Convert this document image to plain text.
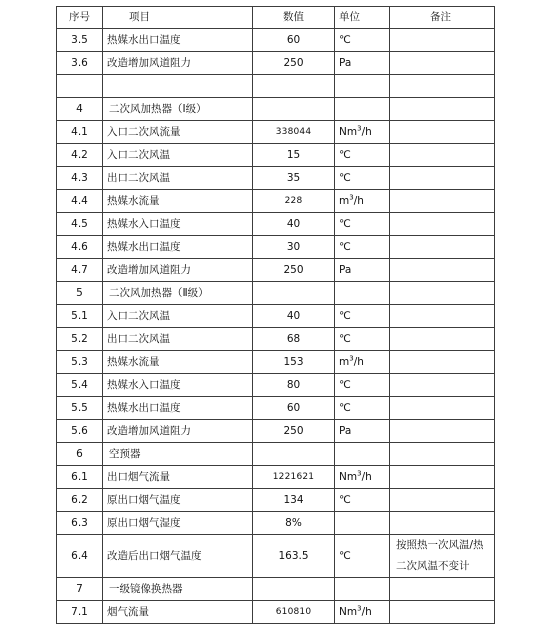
序号	项目	数值	单位	备注
3.5	热媒水出口温度	60	℃	
3.6	改造增加风道阻力	250	Pa	

4	二次风加热器（Ⅰ级）			
4.1	入口二次风流量	338044	Nm$^3$/h	
4.2	入口二次风温	15	℃	
4.3	出口二次风温	35	℃	
4.4	热媒水流量	228	$m^3/h$	
4.5	热媒水入口温度	40	℃	
4.6	热媒水出口温度	30	℃	
4.7	改造增加风道阻力	250	Pa	
5	二次风加热器（Ⅱ级）			
5.1	入口二次风温	40	℃	
5.2	出口二次风温	68	℃	
5.3	热媒水流量	153	$m^3/h$	
5.4	热媒水入口温度	80	℃	
5.5	热媒水出口温度	60	℃	
5.6	改造增加风道阻力	250	Pa	
6	空预器			
6.1	出口烟气流量	1221621	Nm$^3$/h	
6.2	原出口烟气温度	134	℃	
6.3	原出口烟气湿度	8%		
6.4	改造后出口烟气温度	163.5	℃	按照热一次风温/热二次风温不变计
7	一级镜像换热器			
7.1	烟气流量	610810	Nm$^3$/h	
